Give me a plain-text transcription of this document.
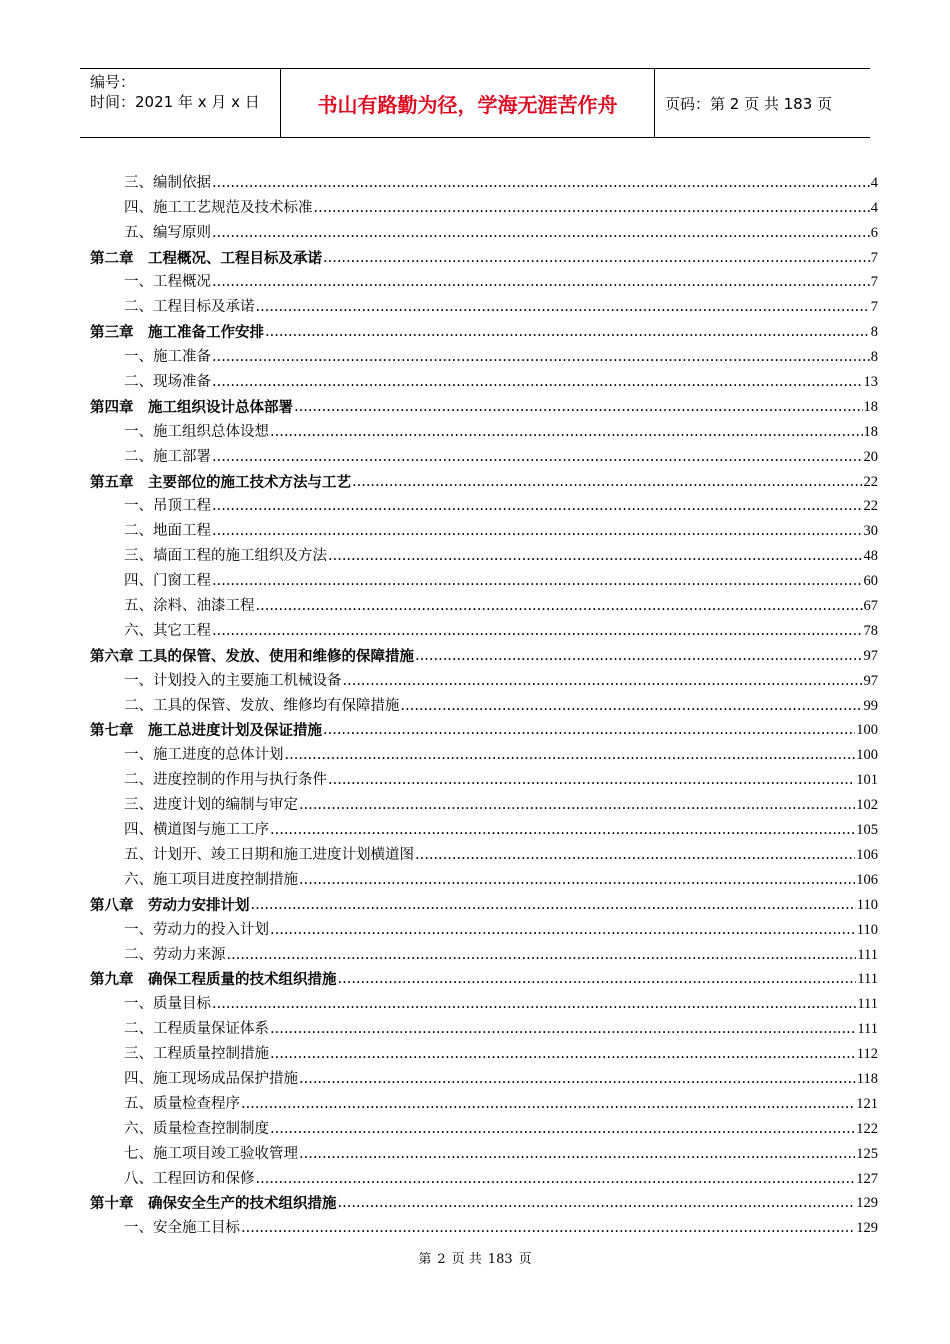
编号：
时间：2021 年 x 月 x 日	书山有路勤为径，学海无涯苦作舟	页码：第 2 页 共 183 页
三、编制依据 .....	4
四、施工工艺规范及技术标准 .....	4
五、编写原则 .....	6
第二章　工程概况、工程目标及承诺 .....	7
一、工程概况 .....	7
二、工程目标及承诺 .....	7
第三章　施工准备工作安排 .....	8
一、施工准备 .....	8
二、现场准备 .....	13
第四章　施工组织设计总体部署 .....	18
一、施工组织总体设想 .....	18
二、施工部署 .....	20
第五章　主要部位的施工技术方法与工艺 .....	22
一、吊顶工程 .....	22
二、地面工程 .....	30
三、墙面工程的施工组织及方法 .....	48
四、门窗工程 .....	60
五、涂料、油漆工程 .....	67
六、其它工程 .....	78
第六章 工具的保管、发放、使用和维修的保障措施 .....	97
一、计划投入的主要施工机械设备 .....	97
二、工具的保管、发放、维修均有保障措施 .....	99
第七章　施工总进度计划及保证措施 .....	100
一、施工进度的总体计划 .....	100
二、进度控制的作用与执行条件 .....	101
三、进度计划的编制与审定 .....	102
四、横道图与施工工序 .....	105
五、计划开、竣工日期和施工进度计划横道图 .....	106
六、施工项目进度控制措施 .....	106
第八章　劳动力安排计划 .....	110
一、劳动力的投入计划 .....	110
二、劳动力来源 .....	111
第九章　确保工程质量的技术组织措施 .....	111
一、质量目标 .....	111
二、工程质量保证体系 .....	111
三、工程质量控制措施 .....	112
四、施工现场成品保护措施 .....	118
五、质量检查程序 .....	121
六、质量检查控制制度 .....	122
七、施工项目竣工验收管理 .....	125
八、工程回访和保修 .....	127
第十章　确保安全生产的技术组织措施 .....	129
一、安全施工目标 .....	129
第 2 页 共 183 页
